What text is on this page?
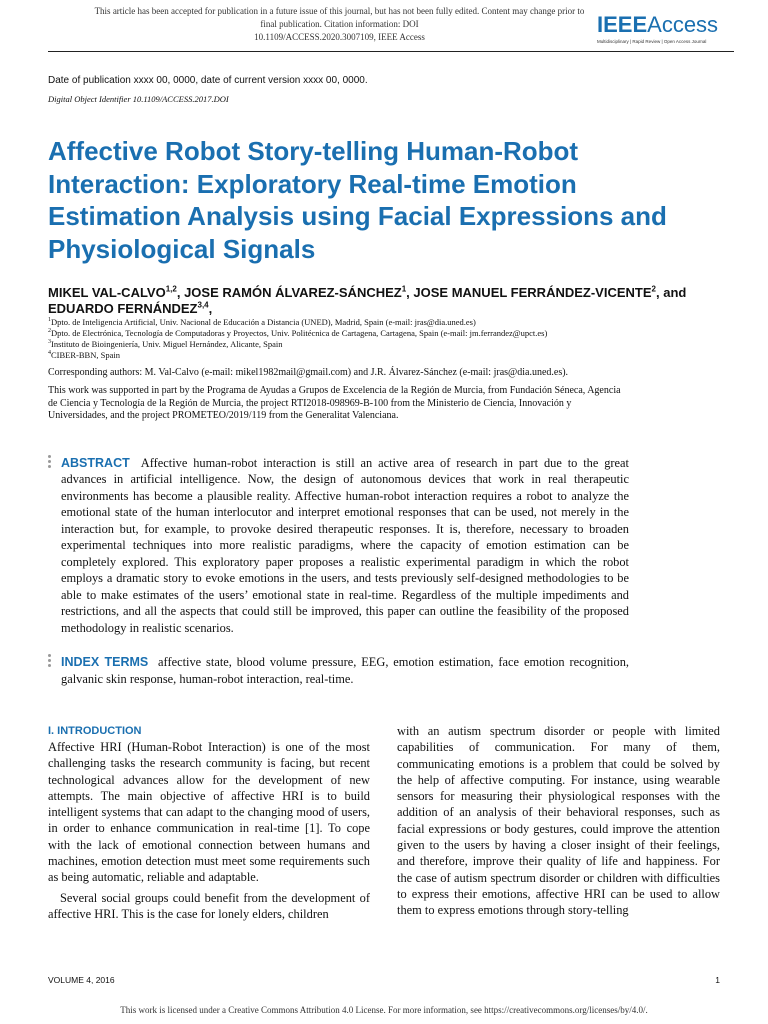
This article has been accepted for publication in a future issue of this journal, but has not been fully edited. Content may change prior to final publication. Citation information: DOI
10.1109/ACCESS.2020.3007109, IEEE Access	IEEEAccess
Multidisciplinary | Rapid Review | Open Access Journal
Date of publication xxxx 00, 0000, date of current version xxxx 00, 0000.
Digital Object Identifier 10.1109/ACCESS.2017.DOI
Affective Robot Story-telling Human-Robot Interaction: Exploratory Real-time Emotion Estimation Analysis using Facial Expressions and Physiological Signals
MIKEL VAL-CALVO$^{1,2}$, JOSE RAMÓN ÁLVAREZ-SÁNCHEZ$^1$, JOSE MANUEL FERRÁNDEZ-VICENTE$^2$, and EDUARDO FERNÁNDEZ$^{3,4}$,
$^1$Dpto. de Inteligencia Artificial, Univ. Nacional de Educación a Distancia (UNED), Madrid, Spain (e-mail: jras@dia.uned.es)
$^2$Dpto. de Electrónica, Tecnología de Computadoras y Proyectos, Univ. Politécnica de Cartagena, Cartagena, Spain (e-mail: jm.ferrandez@upct.es)
$^3$Instituto de Bioingeniería, Univ. Miguel Hernández, Alicante, Spain
$^4$CIBER-BBN, Spain
Corresponding authors: M. Val-Calvo (e-mail: mikel1982mail@gmail.com) and J.R. Álvarez-Sánchez (e-mail: jras@dia.uned.es).
This work was supported in part by the Programa de Ayudas a Grupos de Excelencia de la Región de Murcia, from Fundación Séneca, Agencia de Ciencia y Tecnología de la Región de Murcia, the project RTI2018-098969-B-100 from the Ministerio de Ciencia, Innovación y Universidades, and the project PROMETEO/2019/119 from the Generalitat Valenciana.
ABSTRACT Affective human-robot interaction is still an active area of research in part due to the great advances in artificial intelligence. Now, the design of autonomous devices that work in real therapeutic environments has become a plausible reality. Affective human-robot interaction requires a robot to analyze the emotional state of the human interlocutor and interpret emotional responses that can be used, not merely in the interaction but, for example, to provoke desired therapeutic responses. It is, therefore, necessary to broaden experimental techniques into more realistic paradigms, where the capacity of emotion estimation can be completely explored. This exploratory paper proposes a realistic experimental paradigm in which the robot employs a dramatic story to evoke emotions in the users, and tests previously self-designed methodologies to be able to make estimates of the users’ emotional state in real-time. Regardless of the multiple impediments and restrictions, and all the aspects that could still be improved, this paper can outline the feasibility of the proposed methodology in realistic scenarios.
INDEX TERMS affective state, blood volume pressure, EEG, emotion estimation, face emotion recognition, galvanic skin response, human-robot interaction, real-time.
I. INTRODUCTION

Affective HRI (Human-Robot Interaction) is one of the most challenging tasks the research community is facing, but recent technological advances allow for the development of new attempts. The main objective of affective HRI is to build intelligent systems that can adapt to the changing mood of users, in order to enhance communication in real-time [1]. To cope with the lack of emotional connection between humans and machines, emotion detection must meet some requirements such as being automatic, reliable and adaptable.

Several social groups could benefit from the development of affective HRI. This is the case for lonely elders, children

with an autism spectrum disorder or people with limited capabilities of communication. For many of them, communicating emotions is a problem that could be solved by the help of affective computing. For instance, using wearable sensors for measuring their physiological responses with the addition of an analysis of their behavioral responses, such as facial expressions or body gestures, could improve the attention given to the users by having a closer insight of their feelings, and therefore, improve their quality of life and happiness. For the case of autism spectrum disorder or children with difficulties to express their emotions, affective HRI can be used to allow them to express emotions through story-telling

VOLUME 4, 2016	1
This work is licensed under a Creative Commons Attribution 4.0 License. For more information, see https://creativecommons.org/licenses/by/4.0/.
